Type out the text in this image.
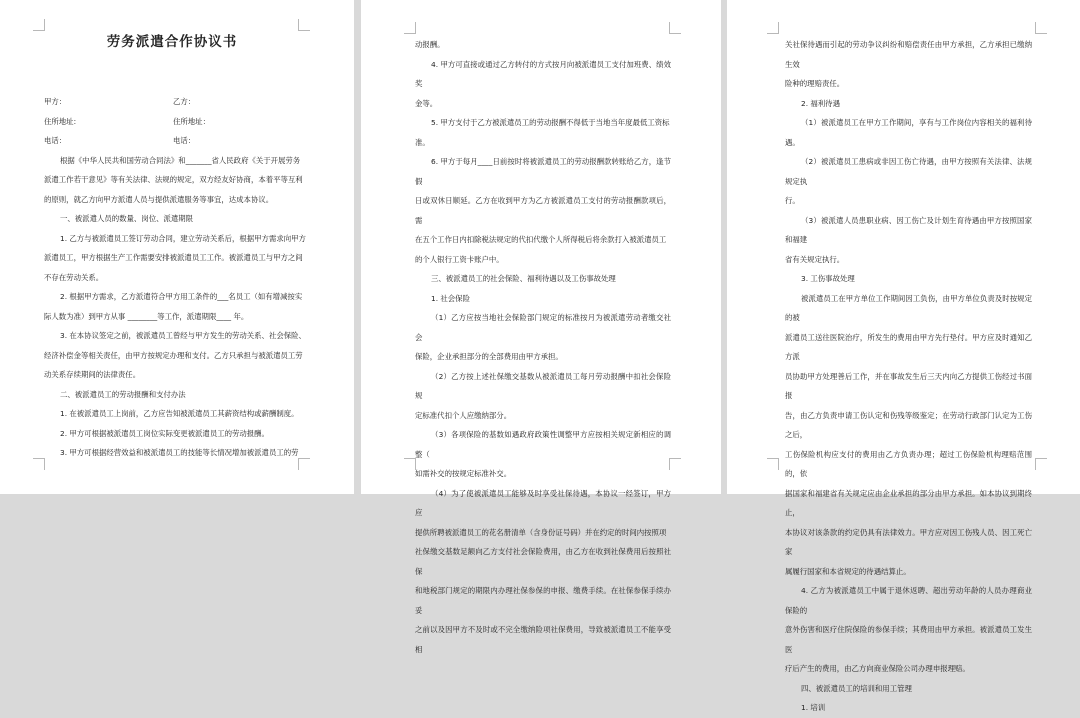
劳务派遣合作协议书
甲方：	乙方：
住所地址:	住所地址：
电话：	电话：
根据《中华人民共和国劳动合同法》和_______省人民政府《关于开展劳务
派遣工作若干意见》等有关法律、法规的规定，双方经友好协商，本着平等互利
的原则，就乙方向甲方派遣人员与提供派遣服务等事宜，达成本协议。
一、被派遣人员的数量、岗位、派遣期限
1. 乙方与被派遣员工签订劳动合同，建立劳动关系后，根据甲方需求向甲方
派遣员工，甲方根据生产工作需要安排被派遣员工工作。被派遣员工与甲方之间
不存在劳动关系。
2. 根据甲方需求，乙方派遣符合甲方用工条件的___名员工（如有增减按实
际人数为准）到甲方从事 ________等工作，派遣期限____ 年。
3. 在本协议签定之前，被派遣员工曾经与甲方发生的劳动关系、社会保险、
经济补偿金等相关责任，由甲方按规定办理和支付。乙方只承担与被派遣员工劳
动关系存续期间的法律责任。
二、被派遣员工的劳动报酬和支付办法
1. 在被派遣员工上岗前，乙方应告知被派遣员工其薪资结构或薪酬制度。
2. 甲方可根据被派遣员工岗位实际变更被派遣员工的劳动报酬。
3. 甲方可根据经营效益和被派遣员工的技能等长情况增加被派遣员工的劳
动报酬。
4. 甲方可直接或通过乙方转付的方式按月向被派遣员工支付加班费、绩效奖
金等。
5. 甲方支付于乙方被派遣员工的劳动报酬不得低于当地当年度最低工资标
准。
6. 甲方于每月____日前按时将被派遣员工的劳动报酬款转账给乙方，逢节假
日或双休日顺延。乙方在收到甲方为乙方被派遣员工支付的劳动报酬款项后，需
在五个工作日内扣除税法规定的代扣代缴个人所得税后将余款打入被派遣员工
的个人银行工资卡账户中。
三、被派遣员工的社会保险、福利待遇以及工伤事故处理
1. 社会保险
（1）乙方应按当地社会保险部门规定的标准按月为被派遣劳动者缴交社会
保险，企业承担部分的全部费用由甲方承担。
（2）乙方按上述社保缴交基数从被派遣员工每月劳动报酬中扣社会保险规
定标准代扣个人应缴纳部分。
（3）各项保险的基数如遇政府政策性调整甲方应按相关规定新相应的调整（
如需补交的按规定标准补交。
（4）为了使被派遣员工能够及时享受社保待遇，本协议一经签订，甲方应
提供所聘被派遣员工的花名册清单（含身份证号码）并在约定的时间内按照项
社保缴交基数足额向乙方支付社会保险费用，由乙方在收到社保费用后按照社保
和地税部门规定的期限内办理社保参保的申报、缴费手续。在社保参保手续办妥
之前以及因甲方不及时或不完全缴纳险项社保费用，导致被派遣员工不能享受相
关社保待遇而引起的劳动争议纠纷和赔偿责任由甲方承担，乙方承担已缴纳生效
险种的理赔责任。
2. 福利待遇
（1）被派遣员工在甲方工作期间，享有与工作岗位内容相关的福利待遇。
（2）被派遣员工患病或非因工伤亡待遇，由甲方按照有关法律、法规规定执
行。
（3）被派遣人员患职业病、因工伤亡及计划生育待遇由甲方按照国家和福建
省有关规定执行。
3. 工伤事故处理
被派遣员工在甲方单位工作期间因工负伤，由甲方单位负责及时按规定的被
派遣员工送往医院治疗，所发生的费用由甲方先行垫付。甲方应及时通知乙方派
员协助甲方处理善后工作，并在事故发生后三天内向乙方提供工伤经过书面报
告，由乙方负责申请工伤认定和伤残等级鉴定；在劳动行政部门认定为工伤之后，
工伤保险机构应支付的费用由乙方负责办理；超过工伤保险机构理赔范围的，依
据国家和福建省有关规定应由企业承担的部分由甲方承担。如本协议到期终止，
本协议对该条款的约定仍具有法律效力。甲方应对因工伤残人员、因工死亡家
属履行国家和本省规定的待遇结算止。
4. 乙方为被派遣员工中属于退休返聘、超出劳动年龄的人员办理商业保险的
意外伤害和医疗住院保险的参保手续；其费用由甲方承担。被派遣员工发生医
疗后产生的费用，由乙方向商业保险公司办理申报理赔。
四、被派遣员工的培训和用工管理
1. 培训
